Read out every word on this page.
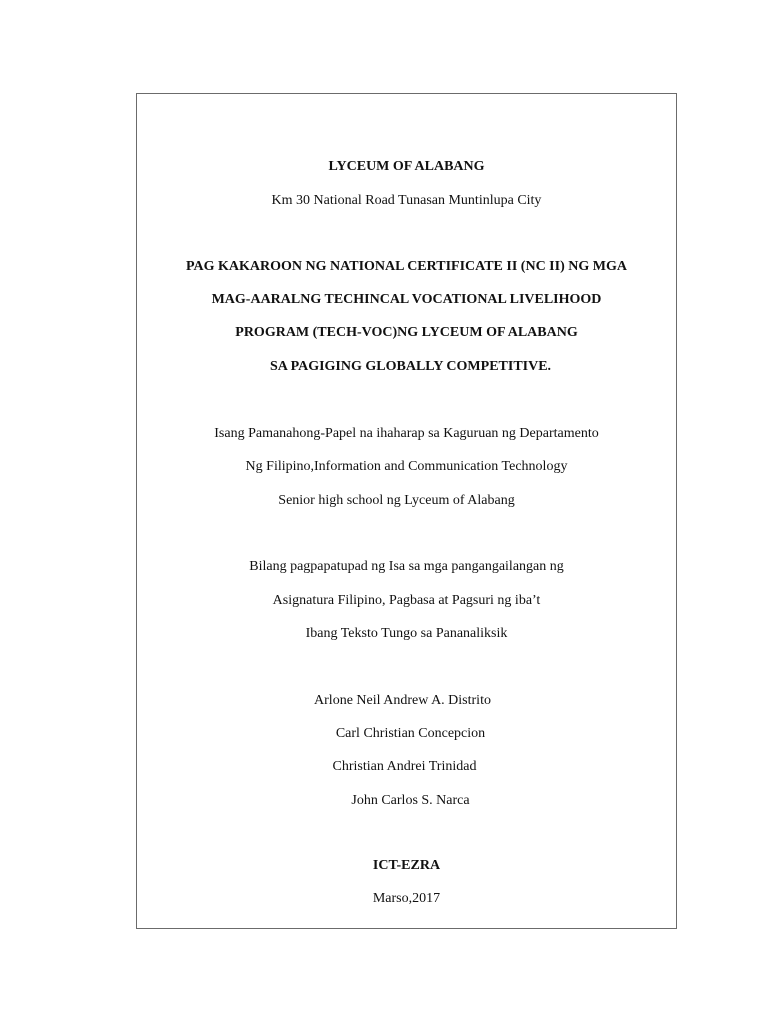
LYCEUM OF ALABANG
Km 30 National Road Tunasan Muntinlupa City
PAG KAKAROON NG NATIONAL CERTIFICATE II (NC II) NG MGA
MAG-AARALNG TECHINCAL VOCATIONAL LIVELIHOOD
PROGRAM (TECH-VOC)NG LYCEUM OF ALABANG
SA PAGIGING GLOBALLY COMPETITIVE.
Isang Pamanahong-Papel na ihaharap sa Kaguruan ng Departamento
Ng Filipino,Information and Communication Technology
Senior high school ng Lyceum of Alabang
Bilang pagpapatupad ng Isa sa mga pangangailangan ng
Asignatura Filipino, Pagbasa at Pagsuri ng iba’t
Ibang Teksto Tungo sa Pananaliksik
Arlone Neil Andrew A. Distrito
Carl Christian Concepcion
Christian Andrei Trinidad
John Carlos S. Narca
ICT-EZRA
Marso,2017
